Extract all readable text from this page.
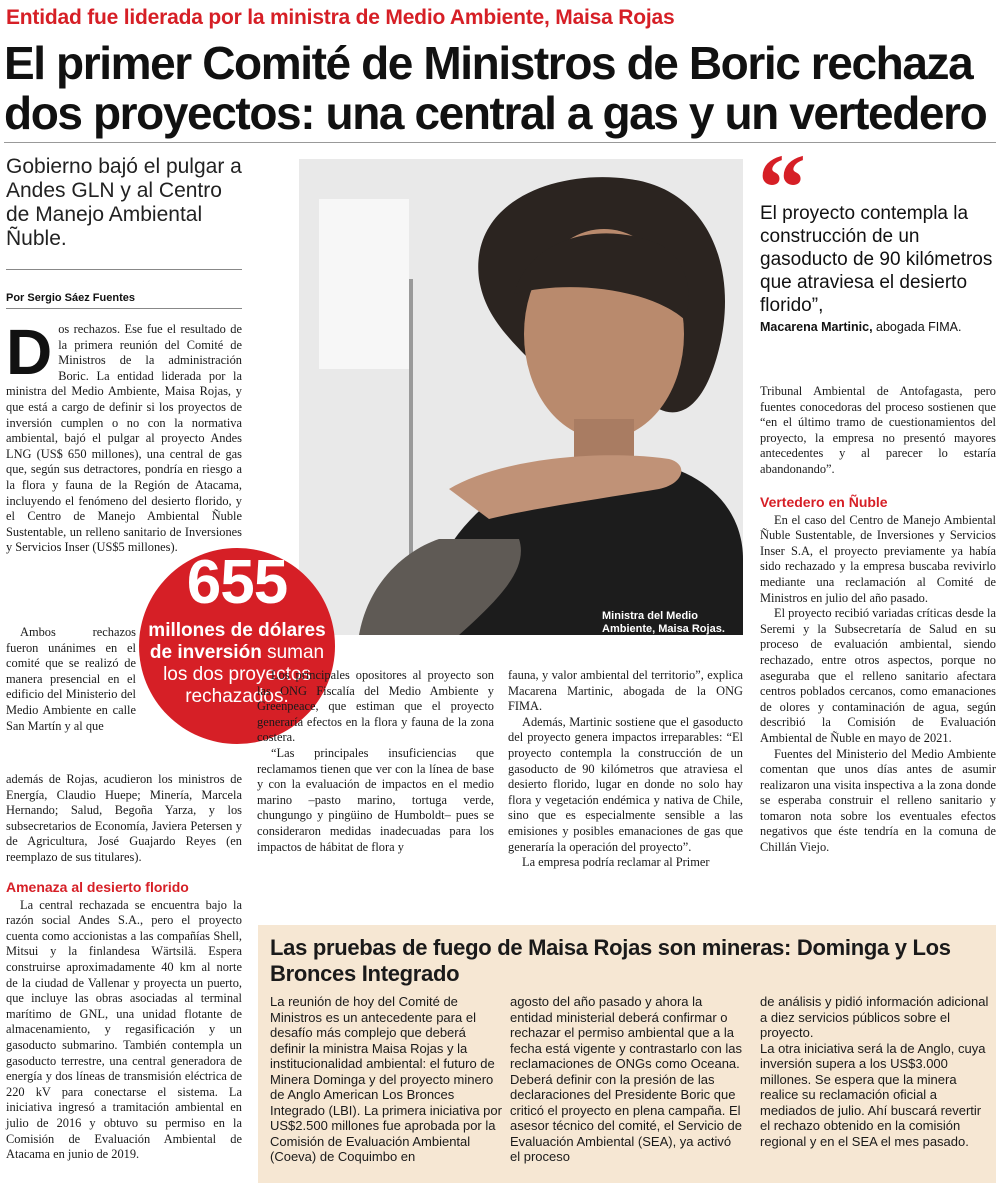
Entidad fue liderada por la ministra de Medio Ambiente, Maisa Rojas
El primer Comité de Ministros de Boric rechaza dos proyectos: una central a gas y un vertedero
Gobierno bajó el pulgar a Andes GLN y al Centro de Manejo Ambiental Ñuble.
Por Sergio Sáez Fuentes
D os rechazos. Ese fue el resultado de la primera reunión del Comité de Ministros de la administración Boric. La entidad liderada por la ministra del Medio Ambiente, Maisa Rojas, y que está a cargo de definir si los proyectos de inversión cumplen o no con la normativa ambiental, bajó el pulgar al proyecto Andes LNG (US$ 650 millones), una central de gas que, según sus detractores, pondría en riesgo a la flora y fauna de la Región de Atacama, incluyendo el fenómeno del desierto florido, y el Centro de Manejo Ambiental Ñuble Sustentable, un relleno sanitario de Inversiones y Servicios Inser (US$5 millones).

Ambos rechazos fueron unánimes en el comité que se realizó de manera presencial en el edificio del Ministerio del Medio Ambiente en calle San Martín y al que

además de Rojas, acudieron los ministros de Energía, Claudio Huepe; Minería, Marcela Hernando; Salud, Begoña Yarza, y los subsecretarios de Economía, Javiera Petersen y de Agricultura, José Guajardo Reyes (en reemplazo de sus titulares).

Amenaza al desierto florido

La central rechazada se encuentra bajo la razón social Andes S.A., pero el proyecto cuenta como accionistas a las compañías Shell, Mitsui y la finlandesa Wärtsilä. Espera construirse aproximadamente 40 km al norte de la ciudad de Vallenar y proyecta un puerto, que incluye las obras asociadas al terminal marítimo de GNL, una unidad flotante de almacenamiento, y regasificación y un gasoducto submarino. También contempla un gasoducto terrestre, una central generadora de energía y dos líneas de transmisión eléctrica de 220 kV para conectarse el sistema. La iniciativa ingresó a tramitación ambiental en julio de 2016 y obtuvo su permiso en la Comisión de Evaluación Ambiental de Atacama en junio de 2019.

Ministra del Medio Ambiente, Maisa Rojas.
655
millones de dólares de inversión suman los dos proyectos rechazados.

Los principales opositores al proyecto son las ONG Fiscalía del Medio Ambiente y Greenpeace, que estiman que el proyecto generaría efectos en la flora y fauna de la zona costera.

“Las principales insuficiencias que reclamamos tienen que ver con la línea de base y con la evaluación de impactos en el medio marino –pasto marino, tortuga verde, chungungo y pingüino de Humboldt– pues se consideraron medidas inadecuadas para los impactos de hábitat de flora y

fauna, y valor ambiental del territorio”, explica Macarena Martinic, abogada de la ONG FIMA.

Además, Martinic sostiene que el gasoducto del proyecto genera impactos irreparables: “El proyecto contempla la construcción de un gasoducto de 90 kilómetros que atraviesa el desierto florido, lugar en donde no solo hay flora y vegetación endémica y nativa de Chile, sino que es especialmente sensible a las emisiones y posibles emanaciones de gas que generaría la operación del proyecto”.

La empresa podría reclamar al Primer

“
El proyecto contempla la construcción de un gasoducto de 90 kilómetros que atraviesa el desierto florido”,
Macarena Martinic, abogada FIMA.

Tribunal Ambiental de Antofagasta, pero fuentes conocedoras del proceso sostienen que “en el último tramo de cuestionamientos del proyecto, la empresa no presentó mayores antecedentes y al parecer lo estaría abandonando”.

Vertedero en Ñuble

En el caso del Centro de Manejo Ambiental Ñuble Sustentable, de Inversiones y Servicios Inser S.A, el proyecto previamente ya había sido rechazado y la empresa buscaba revivirlo mediante una reclamación al Comité de Ministros en julio del año pasado.

El proyecto recibió variadas críticas desde la Seremi y la Subsecretaría de Salud en su proceso de evaluación ambiental, siendo rechazado, entre otros aspectos, porque no aseguraba que el relleno sanitario afectara centros poblados cercanos, como emanaciones de olores y contaminación de agua, según describió la Comisión de Evaluación Ambiental de Ñuble en mayo de 2021.

Fuentes del Ministerio del Medio Ambiente comentan que unos días antes de asumir realizaron una visita inspectiva a la zona donde se esperaba construir el relleno sanitario y tomaron nota sobre los eventuales efectos negativos que éste tendría en la comuna de Chillán Viejo.

Las pruebas de fuego de Maisa Rojas son mineras: Dominga y Los Bronces Integrado

La reunión de hoy del Comité de Ministros es un antecedente para el desafío más complejo que deberá definir la ministra Maisa Rojas y la institucionalidad ambiental: el futuro de Minera Dominga y del proyecto minero de Anglo American Los Bronces Integrado (LBI). La primera iniciativa por US$2.500 millones fue aprobada por la Comisión de Evaluación Ambiental (Coeva) de Coquimbo en

agosto del año pasado y ahora la entidad ministerial deberá confirmar o rechazar el permiso ambiental que a la fecha está vigente y contrastarlo con las reclamaciones de ONGs como Oceana. Deberá definir con la presión de las declaraciones del Presidente Boric que criticó el proyecto en plena campaña. El asesor técnico del comité, el Servicio de Evaluación Ambiental (SEA), ya activó el proceso

de análisis y pidió información adicional a diez servicios públicos sobre el proyecto.

La otra iniciativa será la de Anglo, cuya inversión supera a los US$3.000 millones. Se espera que la minera realice su reclamación oficial a mediados de julio. Ahí buscará revertir el rechazo obtenido en la comisión regional y en el SEA el mes pasado.
